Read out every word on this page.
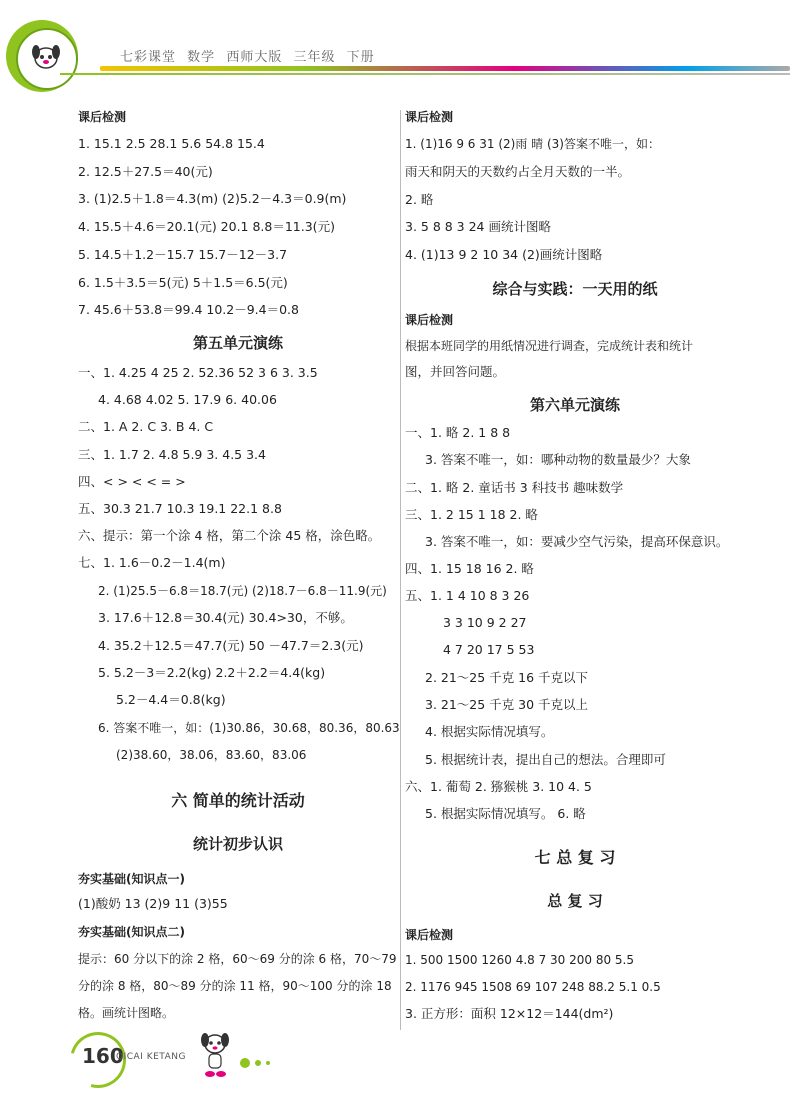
七彩课堂 数学 西师大版 三年级 下册
课后检测
1. 15.1 2.5 28.1 5.6 54.8 15.4
2. 12.5＋27.5＝40(元)
3. (1)2.5＋1.8＝4.3(m) (2)5.2－4.3＝0.9(m)
4. 15.5＋4.6＝20.1(元) 20.1 8.8＝11.3(元)
5. 14.5＋1.2－15.7 15.7－12－3.7
6. 1.5＋3.5＝5(元) 5＋1.5＝6.5(元)
7. 45.6＋53.8＝99.4 10.2－9.4＝0.8
第五单元演练
一、1. 4.25 4 25 2. 52.36 52 3 6 3. 3.5
4. 4.68 4.02 5. 17.9 6. 40.06
二、1. A 2. C 3. B 4. C
三、1. 1.7 2. 4.8 5.9 3. 4.5 3.4
四、< > < < = >
五、30.3 21.7 10.3 19.1 22.1 8.8
六、提示：第一个涂 4 格，第二个涂 45 格，涂色略。
七、1. 1.6－0.2－1.4(m)
2. (1)25.5－6.8＝18.7(元) (2)18.7－6.8－11.9(元)
3. 17.6＋12.8＝30.4(元) 30.4>30，不够。
4. 35.2＋12.5＝47.7(元) 50 －47.7＝2.3(元)
5. 5.2－3＝2.2(kg) 2.2＋2.2＝4.4(kg)
5.2－4.4＝0.8(kg)
6. 答案不唯一，如：(1)30.86，30.68，80.36，80.63
(2)38.60，38.06，83.60，83.06
六 简单的统计活动
统计初步认识
夯实基础(知识点一)
(1)酸奶 13 (2)9 11 (3)55
夯实基础(知识点二)
提示：60 分以下的涂 2 格，60～69 分的涂 6 格，70～79
分的涂 8 格，80～89 分的涂 11 格，90～100 分的涂 18
格。画统计图略。
课后检测
1. (1)16 9 6 31 (2)雨 晴 (3)答案不唯一，如：
雨天和阴天的天数约占全月天数的一半。
2. 略
3. 5 8 8 3 24 画统计图略
4. (1)13 9 2 10 34 (2)画统计图略
综合与实践：一天用的纸
课后检测
根据本班同学的用纸情况进行调查，完成统计表和统计
图，并回答问题。
第六单元演练
一、1. 略 2. 1 8 8
3. 答案不唯一，如：哪种动物的数量最少？大象
二、1. 略 2. 童话书 3 科技书 趣味数学
三、1. 2 15 1 18 2. 略
3. 答案不唯一，如：要减少空气污染，提高环保意识。
四、1. 15 18 16 2. 略
五、1. 1 4 10 8 3 26
3 3 10 9 2 27
4 7 20 17 5 53
2. 21～25 千克 16 千克以下
3. 21～25 千克 30 千克以上
4. 根据实际情况填写。
5. 根据统计表，提出自己的想法。合理即可
六、1. 葡萄 2. 猕猴桃 3. 10 4. 5
5. 根据实际情况填写。 6. 略
七 总 复 习
总 复 习
课后检测
1. 500 1500 1260 4.8 7 30 200 80 5.5
2. 1176 945 1508 69 107 248 88.2 5.1 0.5
3. 正方形：面积 12×12＝144(dm²)
160
QICAI KETANG
